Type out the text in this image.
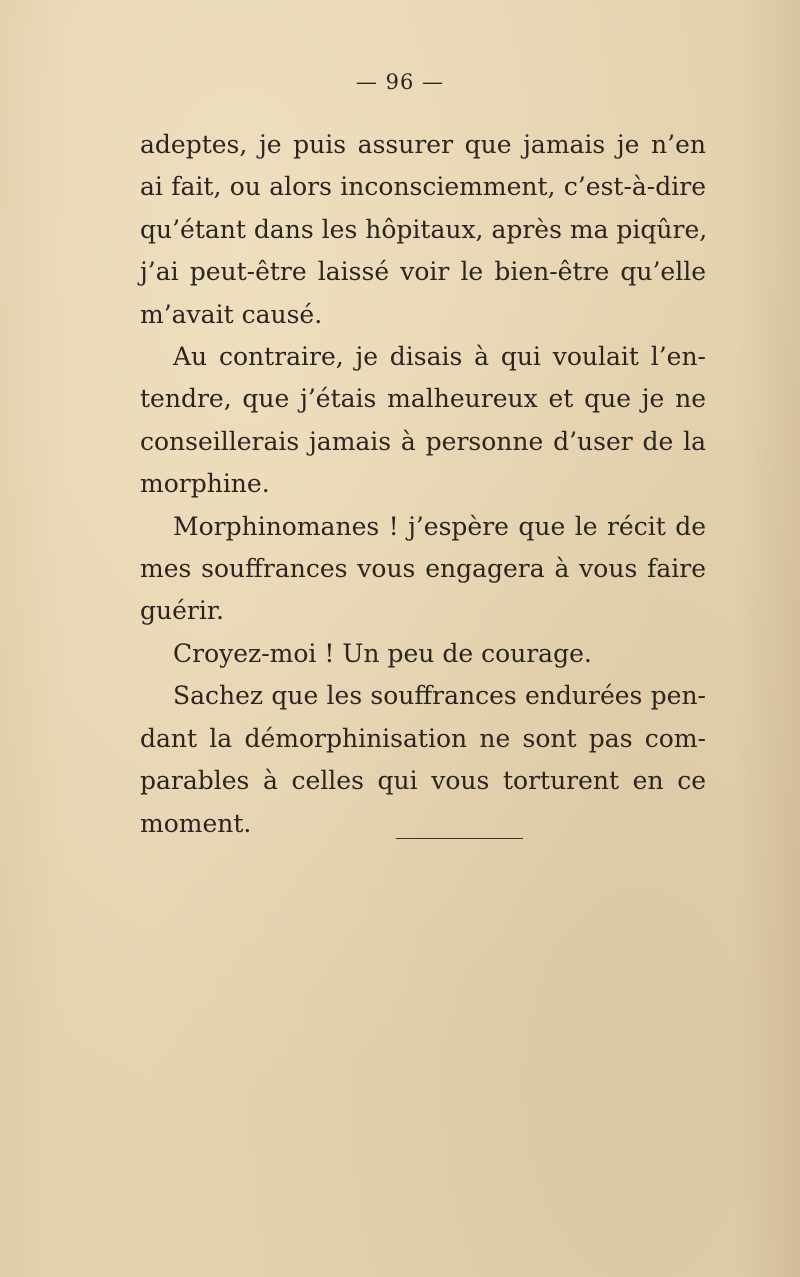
— 96 —
adeptes, je puis assurer que jamais je n’en
ai fait, ou alors inconsciemment, c’est-à-dire
qu’étant dans les hôpitaux, après ma piqûre,
j’ai peut-être laissé voir le bien-être qu’elle
m’avait causé.
Au contraire, je disais à qui voulait l’en-
tendre, que j’étais malheureux et que je ne
conseillerais jamais à personne d’user de la
morphine.
Morphinomanes ! j’espère que le récit de
mes souffrances vous engagera à vous faire
guérir.
Croyez-moi ! Un peu de courage.
Sachez que les souffrances endurées pen-
dant la démorphinisation ne sont pas com-
parables à celles qui vous torturent en ce
moment.
